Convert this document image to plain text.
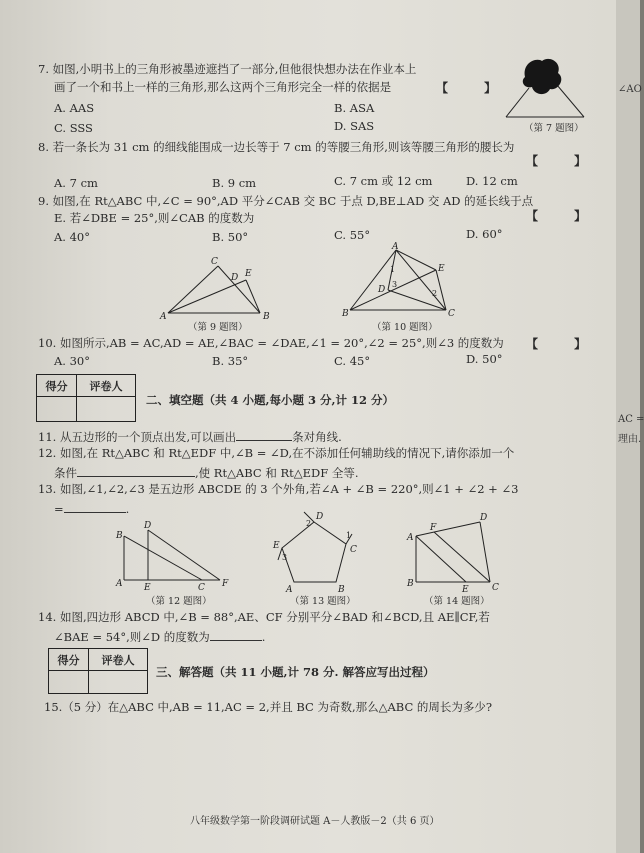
7. 如图,小明书上的三角形被墨迹遮挡了一部分,但他很快想办法在作业本上
画了一个和书上一样的三角形,那么这两个三角形完全一样的依据是	【 】
A. AAS	B. ASA
C. SSS	D. SAS	（第 7 题图）
8. 若一条长为 31 cm 的细线能围成一边长等于 7 cm 的等腰三角形,则该等腰三角形的腰长为
【 】
A. 7 cm	B. 9 cm	C. 7 cm 或 12 cm	D. 12 cm
9. 如图,在 Rt△ABC 中,∠C = 90°,AD 平分∠CAB 交 BC 于点 D,BE⊥AD 交 AD 的延长线于点
E. 若∠DBE = 25°,则∠CAB 的度数为	【 】
A. 40°	B. 50°	C. 55°	D. 60°
C
D E
A	B
（第 9 题图）
A
E
D
B	C
1
2
3
（第 10 题图）
10. 如图所示,AB = AC,AD = AE,∠BAC = ∠DAE,∠1 = 20°,∠2 = 25°,则∠3 的度数为 【 】
A. 30°	B. 35°	C. 45°	D. 50°
得分	评卷人

二、填空题（共 4 小题,每小题 3 分,计 12 分）
11. 从五边形的一个顶点出发,可以画出	条对角线.
12. 如图,在 Rt△ABC 和 Rt△EDF 中,∠B = ∠D,在不添加任何辅助线的情况下,请你添加一个
条件	,使 Rt△ABC 和 Rt△EDF 全等.
13. 如图,∠1,∠2,∠3 是五边形 ABCDE 的 3 个外角,若∠A + ∠B = 220°,则∠1 + ∠2 + ∠3
=	.
B
D
A E	C F
（第 12 题图）
D
E	C
A	B
2
1
3
（第 13 题图）
F
D
A
B
E	C
（第 14 题图）
14. 如图,四边形 ABCD 中,∠B = 88°,AE、CF 分别平分∠BAD 和∠BCD,且 AE∥CF,若
∠BAE = 54°,则∠D 的度数为	.
得分	评卷人

三、解答题（共 11 小题,计 78 分. 解答应写出过程）
15.（5 分）在△ABC 中,AB = 11,AC = 2,并且 BC 为奇数,那么△ABC 的周长为多少?
八年级数学第一阶段调研试题 A－人教版－2（共 6 页）
∠AO
AC =
理由.
